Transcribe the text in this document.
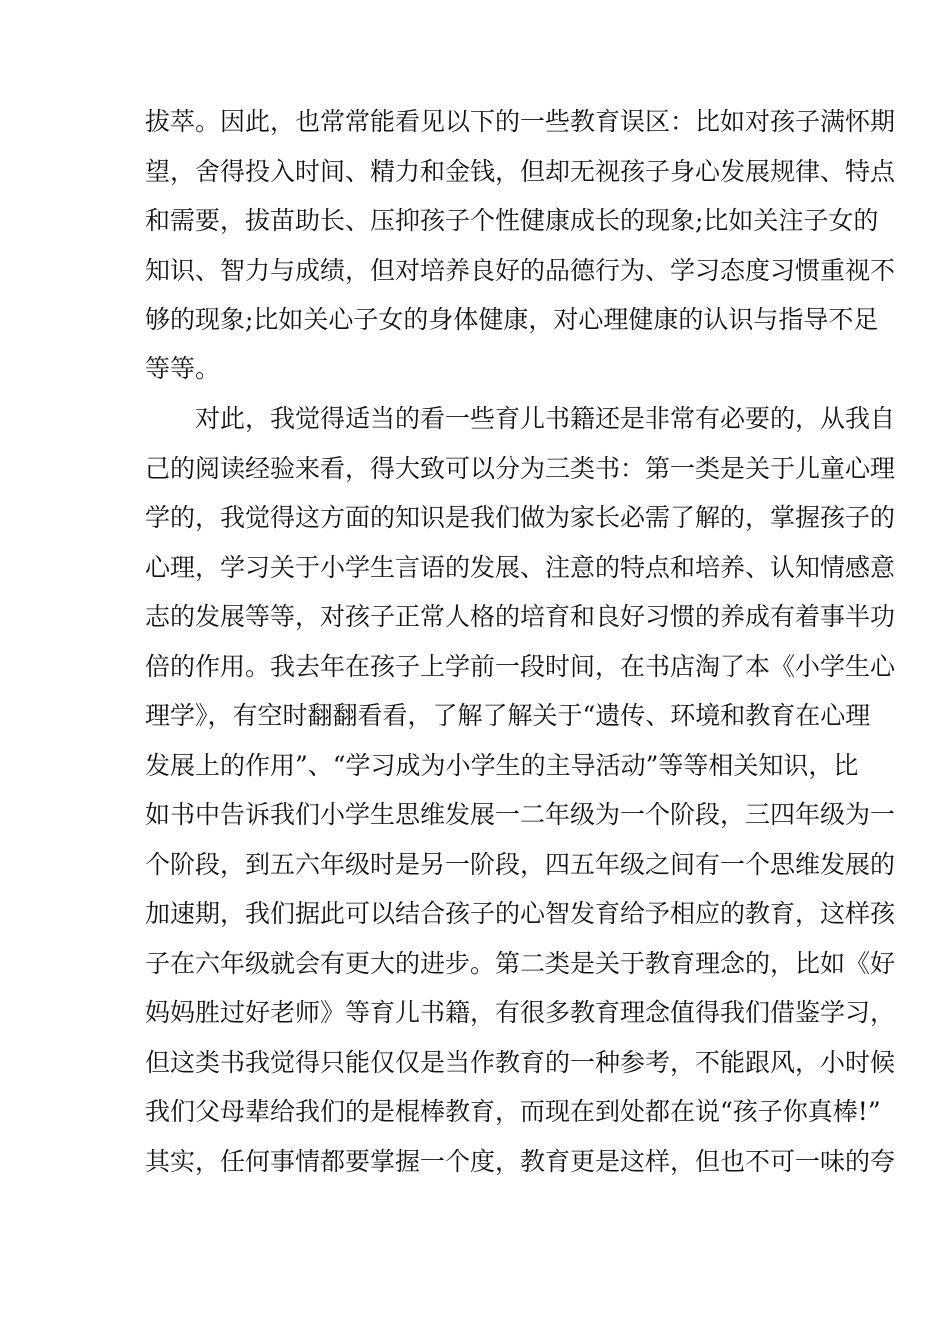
拔萃。因此，也常常能看见以下的一些教育误区：比如对孩子满怀期
望，舍得投入时间、精力和金钱，但却无视孩子身心发展规律、特点
和需要，拔苗助长、压抑孩子个性健康成长的现象;比如关注子女的
知识、智力与成绩，但对培养良好的品德行为、学习态度习惯重视不
够的现象;比如关心子女的身体健康，对心理健康的认识与指导不足
等等。
对此，我觉得适当的看一些育儿书籍还是非常有必要的，从我自
己的阅读经验来看，得大致可以分为三类书：第一类是关于儿童心理
学的，我觉得这方面的知识是我们做为家长必需了解的，掌握孩子的
心理，学习关于小学生言语的发展、注意的特点和培养、认知情感意
志的发展等等，对孩子正常人格的培育和良好习惯的养成有着事半功
倍的作用。我去年在孩子上学前一段时间，在书店淘了本《小学生心
理学》，有空时翻翻看看，了解了解关于“遗传、环境和教育在心理
发展上的作用”、“学习成为小学生的主导活动”等等相关知识，比
如书中告诉我们小学生思维发展一二年级为一个阶段，三四年级为一
个阶段，到五六年级时是另一阶段，四五年级之间有一个思维发展的
加速期，我们据此可以结合孩子的心智发育给予相应的教育，这样孩
子在六年级就会有更大的进步。第二类是关于教育理念的，比如《好
妈妈胜过好老师》等育儿书籍，有很多教育理念值得我们借鉴学习，
但这类书我觉得只能仅仅是当作教育的一种参考，不能跟风，小时候
我们父母辈给我们的是棍棒教育，而现在到处都在说“孩子你真棒!”
其实，任何事情都要掌握一个度，教育更是这样，但也不可一味的夸
